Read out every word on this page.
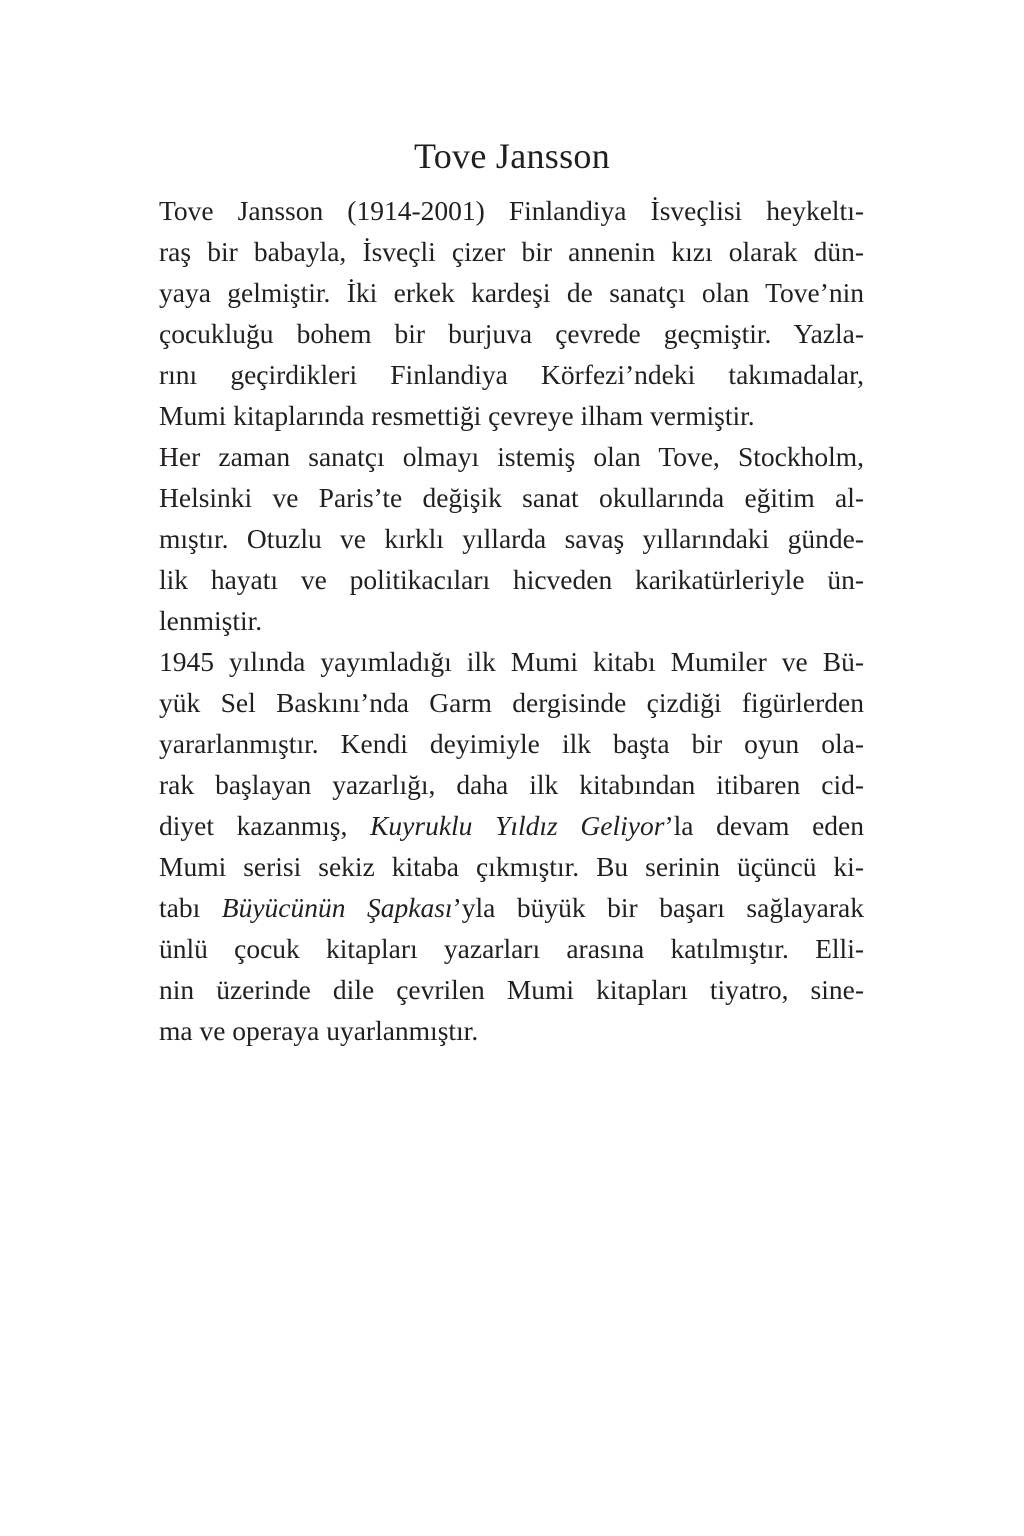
Tove Jansson
Tove Jansson (1914-2001) Finlandiya İsveçlisi heykeltı-
raş bir babayla, İsveçli çizer bir annenin kızı olarak dün-
yaya gelmiştir. İki erkek kardeşi de sanatçı olan Tove’nin
çocukluğu bohem bir burjuva çevrede geçmiştir. Yazla-
rını geçirdikleri Finlandiya Körfezi’ndeki takımadalar,
Mumi kitaplarında resmettiği çevreye ilham vermiştir.
Her zaman sanatçı olmayı istemiş olan Tove, Stockholm,
Helsinki ve Paris’te değişik sanat okullarında eğitim al-
mıştır. Otuzlu ve kırklı yıllarda savaş yıllarındaki günde-
lik hayatı ve politikacıları hicveden karikatürleriyle ün-
lenmiştir.
1945 yılında yayımladığı ilk Mumi kitabı Mumiler ve Bü-
yük Sel Baskını’nda Garm dergisinde çizdiği figürlerden
yararlanmıştır. Kendi deyimiyle ilk başta bir oyun ola-
rak başlayan yazarlığı, daha ilk kitabından itibaren cid-
diyet kazanmış, Kuyruklu Yıldız Geliyor’la devam eden
Mumi serisi sekiz kitaba çıkmıştır. Bu serinin üçüncü ki-
tabı Büyücünün Şapkası’yla büyük bir başarı sağlayarak
ünlü çocuk kitapları yazarları arasına katılmıştır. Elli-
nin üzerinde dile çevrilen Mumi kitapları tiyatro, sine-
ma ve operaya uyarlanmıştır.
